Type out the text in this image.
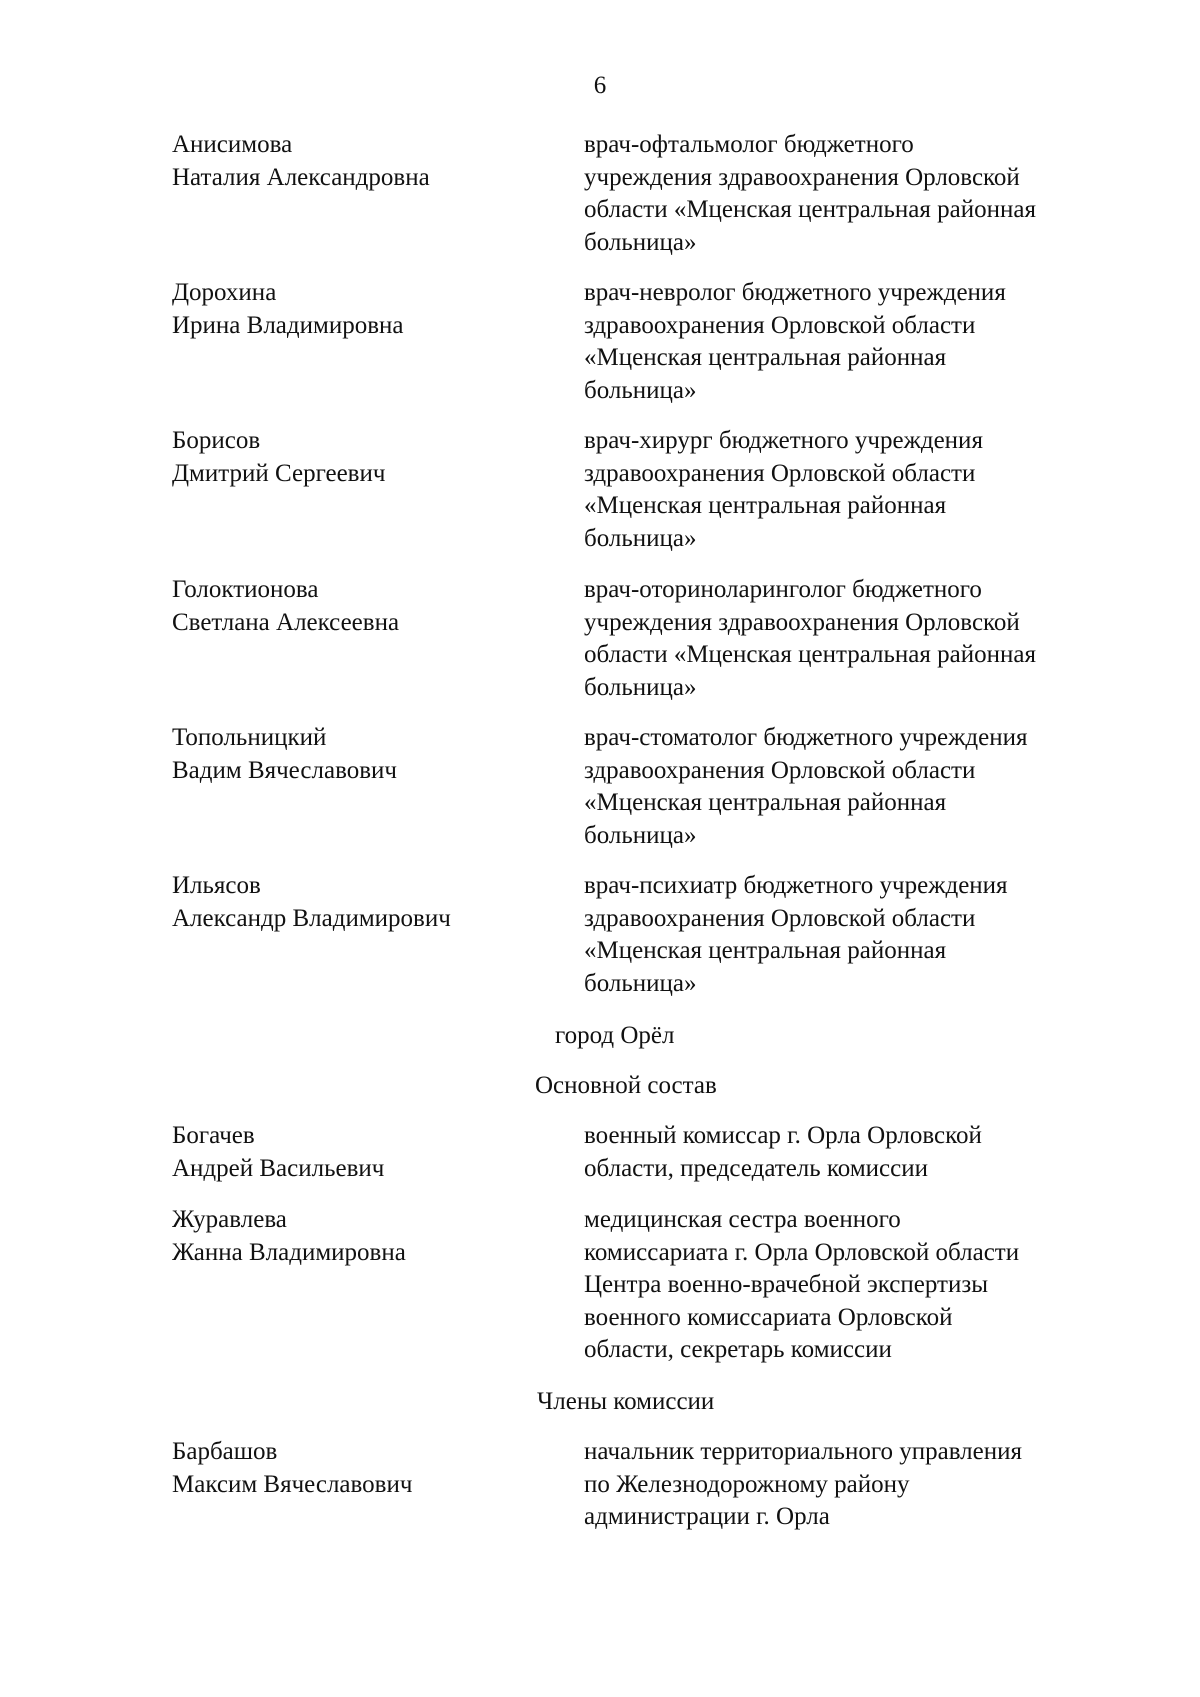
6
Анисимова
Наталия Александровна
врач-офтальмолог бюджетного
учреждения здравоохранения Орловской
области «Мценская центральная районная
больница»
Дорохина
Ирина Владимировна
врач-невролог бюджетного учреждения
здравоохранения Орловской области
«Мценская центральная районная
больница»
Борисов
Дмитрий Сергеевич
врач-хирург бюджетного учреждения
здравоохранения Орловской области
«Мценская центральная районная
больница»
Голоктионова
Светлана Алексеевна
врач-оториноларинголог бюджетного
учреждения здравоохранения Орловской
области «Мценская центральная районная
больница»
Топольницкий
Вадим Вячеславович
врач-стоматолог бюджетного учреждения
здравоохранения Орловской области
«Мценская центральная районная
больница»
Ильясов
Александр Владимирович
врач-психиатр бюджетного учреждения
здравоохранения Орловской области
«Мценская центральная районная
больница»
город Орёл
Основной состав
Богачев
Андрей Васильевич
военный комиссар г. Орла Орловской
области, председатель комиссии
Журавлева
Жанна Владимировна
медицинская сестра военного
комиссариата г. Орла Орловской области
Центра военно-врачебной экспертизы
военного комиссариата Орловской
области, секретарь комиссии
Члены комиссии
Барбашов
Максим Вячеславович
начальник территориального управления
по Железнодорожному району
администрации г. Орла
